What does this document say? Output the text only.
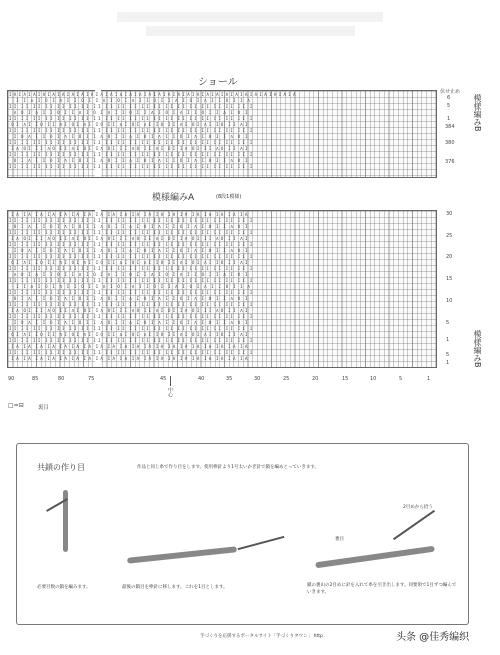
ショール
I A I A I A I A I A I A I A I A I A I A I A I A I A I A I A I A I A I A I A I A I A I A I A I A I A I A I A I A I A I A
I  I  Λ  I  O  I  Λ  I  I  O  I  I  Λ  I  O  I  Λ  I  I  O  I  I  Λ  I  O  I  Λ  I  I  O  I  I  Λ
I I  I I  I I  I I  I I  I I  I I  I I  I I  I I  I I  I I  I I  I I  I I  I I  I I  I I  I I  I I  I
Λ  O  I  Λ  I  I  O  I  I  Λ  I  O  I  Λ  I  I  O  I  I  Λ  I  O  I  Λ  I  I  O  I  I  Λ  I  O  I
I I  I I  I I  I I  I I  I I  I I  I I  I I  I I  I I  I I  I I  I I  I I  I I  I I  I I  I I  I I  I
O I  Λ I  I O  I I  Λ I  O I  Λ I  I O  I I  Λ I  O I  Λ I  I O  I I  Λ I  O I  Λ I  I O  I I  Λ I
I I  I I  I I  I I  I I  I I  I I  I I  I I  I I  I I  I I  I I  I I  I I  I I  I I  I I  I I  I I  I
I  O  Λ  I  I  O  I  Λ  I  O  I  I  Λ  O  I  I  Λ  I  O  I  Λ  I  I  O  I  Λ  I  O  I  I  Λ  O  I
I I  I I  I I  I I  I I  I I  I I  I I  I I  I I  I I  I I  I I  I I  I I  I I  I I  I I  I I  I I  I
I Λ  O I  I I  Λ O  I I  Λ I  O I  I Λ  O I  I I  Λ O  I I  Λ I  O I  I Λ  O I  I I  Λ O  I I  Λ I
I I  I I  I I  I I  I I  I I  I I  I I  I I  I I  I I  I I  I I  I I  I I  I I  I I  I I  I I  I I  I
O  I  Λ  I  I  O  I  Λ  I  O  I  I  Λ  O  I  I  Λ  I  O  I  Λ  I  I  O  I  Λ  I  O  I  I  Λ  O  I
I I  I I  I I  I I  I I  I I  I I  I I  I I  I I  I I  I I  I I  I I  I I  I I  I I  I I  I I  I I  I

伏せ止め
6
5
1
384
380
376
模様編みB
模様編みA	(8段1模様)
I A  I A  I A  I A  I A  I A  I A  I A  I A  I A  I A  I A  I A  I A  I A  I A  I A  I A  I A  I A
I I  I I  I I  I I  I I  I I  I I  I I  I I  I I  I I  I I  I I  I I  I I  I I  I I  I I  I I  I I  I
O  I  Λ  I  I  O  I  Λ  I  O  I  I  Λ  O  I  I  Λ  I  O  I  Λ  I  I  O  I  Λ  I  O  I  I  Λ  O  I
I I  I I  I I  I I  I I  I I  I I  I I  I I  I I  I I  I I  I I  I I  I I  I I  I I  I I  I I  I I  I
I Λ  O I  I I  Λ O  I I  Λ I  O I  I Λ  O I  I I  Λ O  I I  Λ I  O I  I Λ  O I  I I  Λ O  I I  Λ I
I I  I I  I I  I I  I I  I I  I I  I I  I I  I I  I I  I I  I I  I I  I I  I I  I I  I I  I I  I I  I
I  O  Λ  I  I  O  I  Λ  I  O  I  I  Λ  O  I  I  Λ  I  O  I  Λ  I  I  O  I  Λ  I  O  I  I  Λ  O  I
I I  I I  I I  I I  I I  I I  I I  I I  I I  I I  I I  I I  I I  I I  I I  I I  I I  I I  I I  I I  I
O I  Λ I  I O  I I  Λ I  O I  Λ I  I O  I I  Λ I  O I  Λ I  I O  I I  Λ I  O I  Λ I  I O  I I  Λ I
I I  I I  I I  I I  I I  I I  I I  I I  I I  I I  I I  I I  I I  I I  I I  I I  I I  I I  I I  I I  I
Λ  O  I  Λ  I  I  O  I  I  Λ  I  O  I  Λ  I  I  O  I  I  Λ  I  O  I  Λ  I  I  O  I  I  Λ  I  O  I
I I  I I  I I  I I  I I  I I  I I  I I  I I  I I  I I  I I  I I  I I  I I  I I  I I  I I  I I  I I  I
I  I  Λ  I  O  I  Λ  I  I  O  I  I  Λ  I  O  I  Λ  I  I  O  I  I  Λ  I  O  I  Λ  I  I  O  I  I  Λ
I I  I I  I I  I I  I I  I I  I I  I I  I I  I I  I I  I I  I I  I I  I I  I I  I I  I I  I I  I I  I
O  I  Λ  I  I  O  I  Λ  I  O  I  I  Λ  O  I  I  Λ  I  O  I  Λ  I  I  O  I  Λ  I  O  I  I  Λ  O  I
I I  I I  I I  I I  I I  I I  I I  I I  I I  I I  I I  I I  I I  I I  I I  I I  I I  I I  I I  I I  I
I Λ  O I  I I  Λ O  I I  Λ I  O I  I Λ  O I  I I  Λ O  I I  Λ I  O I  I Λ  O I  I I  Λ O  I I  Λ I
I I  I I  I I  I I  I I  I I  I I  I I  I I  I I  I I  I I  I I  I I  I I  I I  I I  I I  I I  I I  I
I  O  Λ  I  I  O  I  Λ  I  O  I  I  Λ  O  I  I  Λ  I  O  I  Λ  I  I  O  I  Λ  I  O  I  I  Λ  O  I
I I  I I  I I  I I  I I  I I  I I  I I  I I  I I  I I  I I  I I  I I  I I  I I  I I  I I  I I  I I  I
O I  Λ I  I O  I I  Λ I  O I  Λ I  I O  I I  Λ I  O I  Λ I  I O  I I  Λ I  O I  Λ I  I O  I I  Λ I
I I  I I  I I  I I  I I  I I  I I  I I  I I  I I  I I  I I  I I  I I  I I  I I  I I  I I  I I  I I  I
I A  I A  I A  I A  I A  I A  I A  I A  I A  I A  I A  I A  I A  I A  I A  I A  I A  I A  I A  I A
I I  I I  I I  I I  I I  I I  I I  I I  I I  I I  I I  I I  I I  I I  I I  I I  I I  I I  I I  I I  I
I A  I A  I A  I A  I A  I A  I A  I A  I A  I A  I A  I A  I A  I A  I A  I A  I A  I A  I A  I A

30
25
20
15
10
5
1
5
1	模様編みB
90	85	80	75	45	40	35	30	25	20	15	10	5	1
中心
□=⊟	裏目
共鎖の作り目	作品と同じ糸で作り目をします。使用棒針より1号太いかぎ針で鎖を編めとっていきます。
必要目数の鎖を編みます。	最後の鎖目を棒針に移します。これを1目とします。
裏目
2目めから拾う
鎖の裏山の2目めに針を入れて糸を引き出します。同要領で1目ずつ編んでいきます。
手づくりを応援するポータルサイト「手づくりタウン」 http	头条 @佳秀编织
